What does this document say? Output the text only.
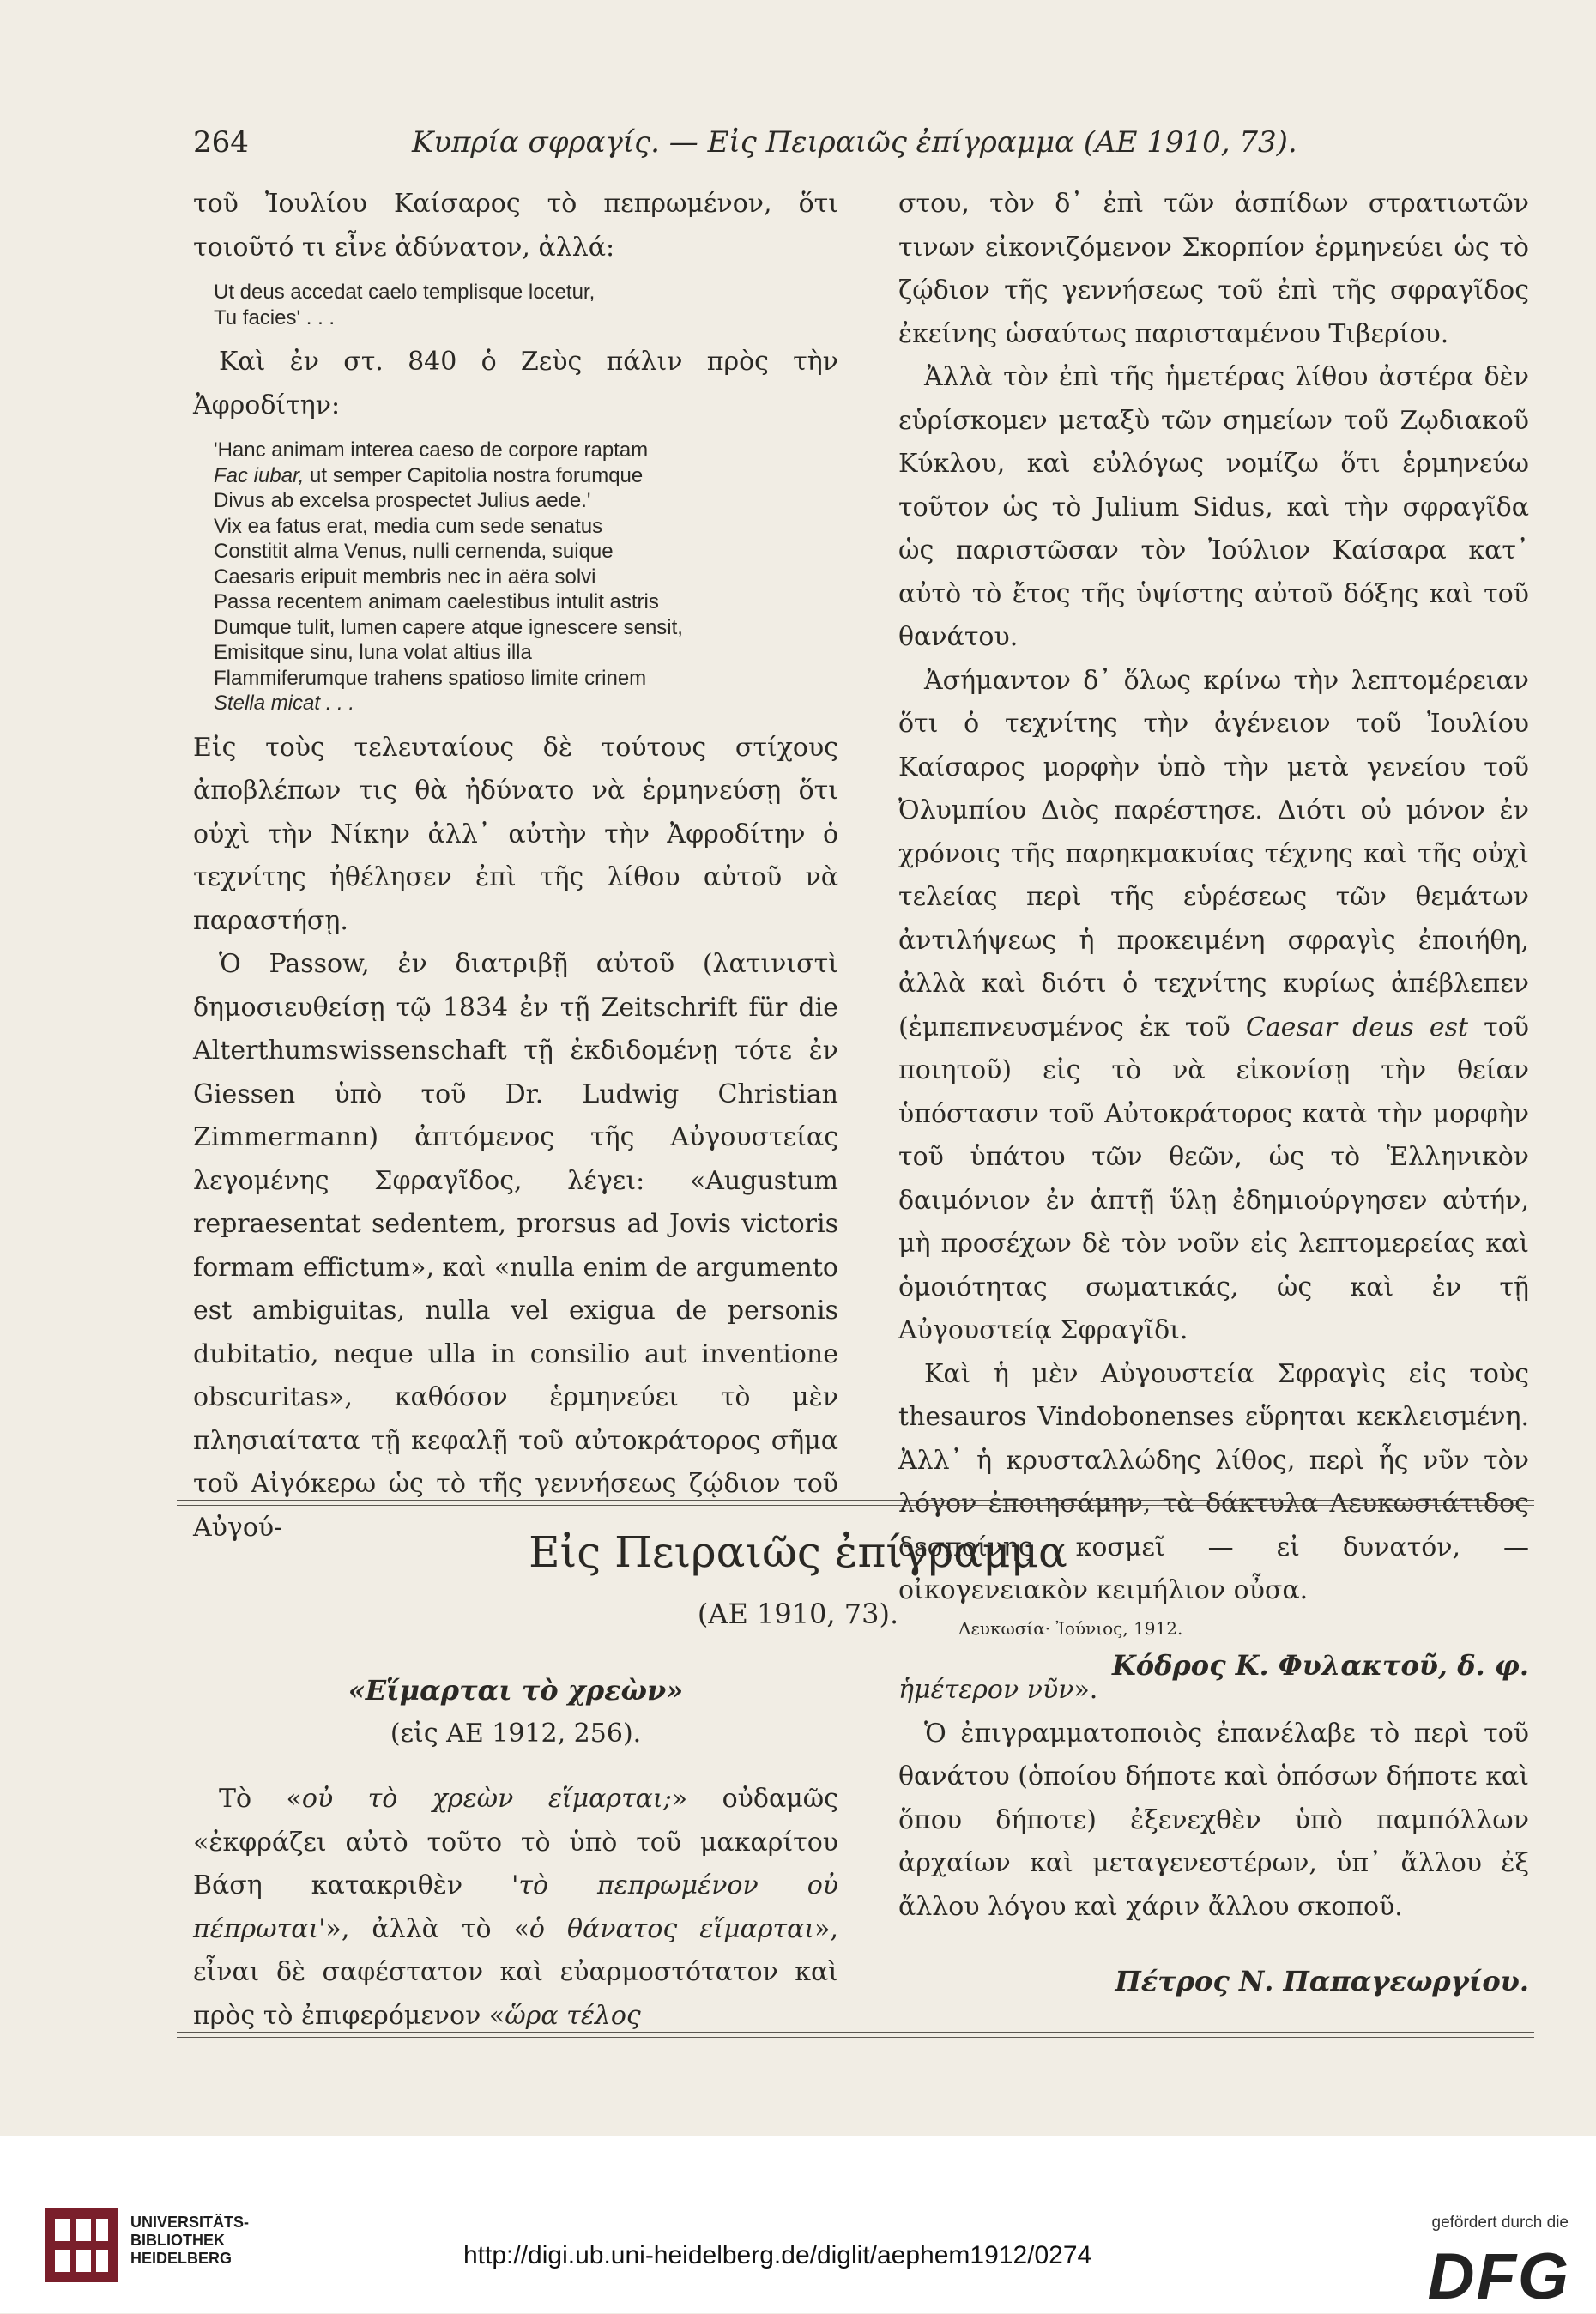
264	Κυπρία σφραγίς. — Εἰς Πειραιῶς ἐπίγραμμα (ΑΕ 1910, 73).

τοῦ Ἰουλίου Καίσαρος τὸ πεπρωμένον, ὅτι τοιοῦτό τι εἶνε ἀδύνατον, ἀλλά:

Ut deus accedat caelo templisque locetur,
Tu facies' . . .

Καὶ ἐν στ. 840 ὁ Ζεὺς πάλιν πρὸς τὴν Ἀφροδίτην:

'Hanc animam interea caeso de corpore raptam
Fac iubar, ut semper Capitolia nostra forumque
Divus ab excelsa prospectet Julius aede.'
Vix ea fatus erat, media cum sede senatus
Constitit alma Venus, nulli cernenda, suique
Caesaris eripuit membris nec in aëra solvi
Passa recentem animam caelestibus intulit astris
Dumque tulit, lumen capere atque ignescere sensit,
Emisitque sinu, luna volat altius illa
Flammiferumque trahens spatioso limite crinem
Stella micat . . .

Εἰς τοὺς τελευταίους δὲ τούτους στίχους ἀποβλέπων τις θὰ ἠδύνατο νὰ ἑρμηνεύσῃ ὅτι οὐχὶ τὴν Νίκην ἀλλ᾽ αὐτὴν τὴν Ἀφροδίτην ὁ τεχνίτης ἠθέλησεν ἐπὶ τῆς λίθου αὐτοῦ νὰ παραστήσῃ.

Ὁ Passow, ἐν διατριβῇ αὐτοῦ (λατινιστὶ δημοσιευθείσῃ τῷ 1834 ἐν τῇ Zeitschrift für die Alterthumswissenschaft τῇ ἐκδιδομένῃ τότε ἐν Giessen ὑπὸ τοῦ Dr. Ludwig Christian Zimmermann) ἀπτόμενος τῆς Αὐγουστείας λεγομένης Σφραγῖδος, λέγει: «Augustum repraesentat sedentem, prorsus ad Jovis victoris formam effictum», καὶ «nulla enim de argumento est ambiguitas, nulla vel exigua de personis dubitatio, neque ulla in consilio aut inventione obscuritas», καθόσον ἑρμηνεύει τὸ μὲν πλησιαίτατα τῇ κεφαλῇ τοῦ αὐτοκράτορος σῆμα τοῦ Αἰγόκερω ὡς τὸ τῆς γεννήσεως ζῴδιον τοῦ Αὐγού-

στου, τὸν δ᾽ ἐπὶ τῶν ἀσπίδων στρατιωτῶν τινων εἰκονιζόμενον Σκορπίον ἑρμηνεύει ὡς τὸ ζῴδιον τῆς γεννήσεως τοῦ ἐπὶ τῆς σφραγῖδος ἐκείνης ὡσαύτως παρισταμένου Τιβερίου.

Ἀλλὰ τὸν ἐπὶ τῆς ἡμετέρας λίθου ἀστέρα δὲν εὑρίσκομεν μεταξὺ τῶν σημείων τοῦ Ζῳδιακοῦ Κύκλου, καὶ εὐλόγως νομίζω ὅτι ἑρμηνεύω τοῦτον ὡς τὸ Julium Sidus, καὶ τὴν σφραγῖδα ὡς παριστῶσαν τὸν Ἰούλιον Καίσαρα κατ᾽ αὐτὸ τὸ ἔτος τῆς ὑψίστης αὐτοῦ δόξης καὶ τοῦ θανάτου.

Ἀσήμαντον δ᾽ ὅλως κρίνω τὴν λεπτομέρειαν ὅτι ὁ τεχνίτης τὴν ἀγένειον τοῦ Ἰουλίου Καίσαρος μορφὴν ὑπὸ τὴν μετὰ γενείου τοῦ Ὀλυμπίου Διὸς παρέστησε. Διότι οὐ μόνον ἐν χρόνοις τῆς παρηκμακυίας τέχνης καὶ τῆς οὐχὶ τελείας περὶ τῆς εὑρέσεως τῶν θεμάτων ἀντιλήψεως ἡ προκειμένη σφραγὶς ἐποιήθη, ἀλλὰ καὶ διότι ὁ τεχνίτης κυρίως ἀπέβλεπεν (ἐμπεπνευσμένος ἐκ τοῦ Caesar deus est τοῦ ποιητοῦ) εἰς τὸ νὰ εἰκονίσῃ τὴν θείαν ὑπόστασιν τοῦ Αὐτοκράτορος κατὰ τὴν μορφὴν τοῦ ὑπάτου τῶν θεῶν, ὡς τὸ Ἑλληνικὸν δαιμόνιον ἐν ἁπτῇ ὕλῃ ἐδημιούργησεν αὐτήν, μὴ προσέχων δὲ τὸν νοῦν εἰς λεπτομερείας καὶ ὁμοιότητας σωματικάς, ὡς καὶ ἐν τῇ Αὐγουστείᾳ Σφραγῖδι.

Καὶ ἡ μὲν Αὐγουστεία Σφραγὶς εἰς τοὺς thesauros Vindobonenses εὕρηται κεκλεισμένη. Ἀλλ᾽ ἡ κρυσταλλώδης λίθος, περὶ ἧς νῦν τὸν λόγον ἐποιησάμην, τὰ δάκτυλα Λευκωσιάτιδος δεσποίνης κοσμεῖ — εἰ δυνατόν, — οἰκογενειακὸν κειμήλιον οὖσα.

Λευκωσία· Ἰούνιος, 1912.

Κόδρος Κ. Φυλακτοῦ, δ. φ.

Εἰς Πειραιῶς ἐπίγραμμα
(ΑΕ 1910, 73).

«Εἵμαρται τὸ χρεὼν»

(εἰς ΑΕ 1912, 256).

Τὸ «οὐ τὸ χρεὼν εἵμαρται;» οὐδαμῶς «ἐκφράζει αὐτὸ τοῦτο τὸ ὑπὸ τοῦ μακαρίτου Βάση κατακριθὲν 'τὸ πεπρωμένον οὐ πέπρωται'», ἀλλὰ τὸ «ὁ θάνατος εἵμαρται», εἶναι δὲ σαφέστατον καὶ εὐαρμοστότατον καὶ πρὸς τὸ ἐπιφερόμενον «ὥρα τέλος

ἡμέτερον νῦν».

Ὁ ἐπιγραμματοποιὸς ἐπανέλαβε τὸ περὶ τοῦ θανάτου (ὁποίου δήποτε καὶ ὁπόσων δήποτε καὶ ὅπου δήποτε) ἐξενεχθὲν ὑπὸ παμπόλλων ἀρχαίων καὶ μεταγενεστέρων, ὑπ᾽ ἄλλου ἐξ ἄλλου λόγου καὶ χάριν ἄλλου σκοποῦ.

Πέτρος Ν. Παπαγεωργίου.

UNIVERSITÄTS-
BIBLIOTHEK
HEIDELBERG	http://digi.ub.uni-heidelberg.de/diglit/aephem1912/0274
gefördert durch die
DFG
